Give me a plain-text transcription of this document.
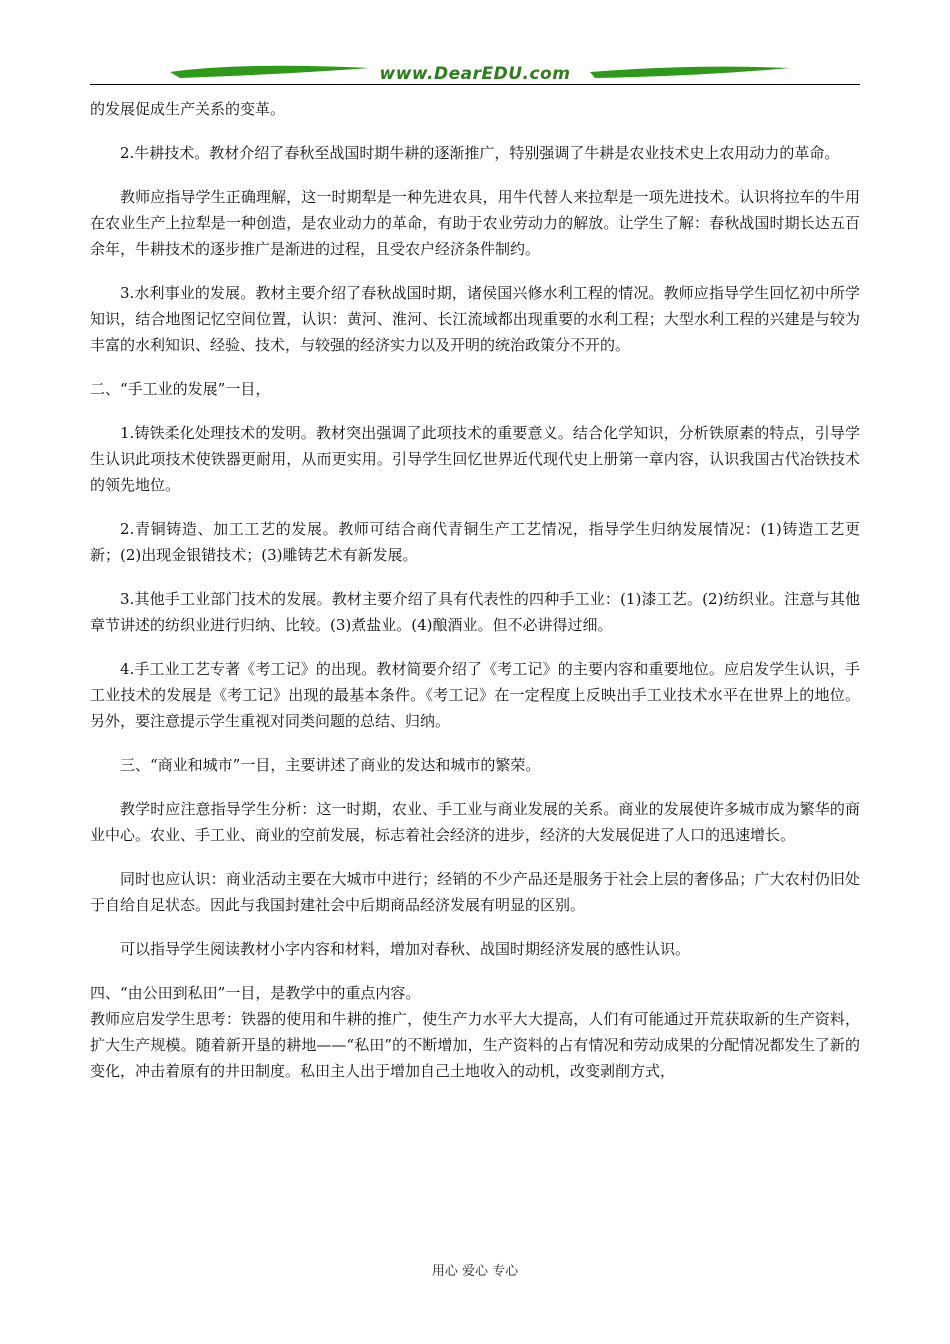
www.DearEDU.com

的发展促成生产关系的变革。

2.牛耕技术。教材介绍了春秋至战国时期牛耕的逐渐推广，特别强调了牛耕是农业技术史上农用动力的革命。

教师应指导学生正确理解，这一时期犁是一种先进农具，用牛代替人来拉犁是一项先进技术。认识将拉车的牛用在农业生产上拉犁是一种创造，是农业动力的革命，有助于农业劳动力的解放。让学生了解：春秋战国时期长达五百余年，牛耕技术的逐步推广是渐进的过程，且受农户经济条件制约。

3.水利事业的发展。教材主要介绍了春秋战国时期，诸侯国兴修水利工程的情况。教师应指导学生回忆初中所学知识，结合地图记忆空间位置，认识：黄河、淮河、长江流域都出现重要的水利工程；大型水利工程的兴建是与较为丰富的水利知识、经验、技术，与较强的经济实力以及开明的统治政策分不开的。

二、“手工业的发展”一目，

1.铸铁柔化处理技术的发明。教材突出强调了此项技术的重要意义。结合化学知识，分析铁原素的特点，引导学生认识此项技术使铁器更耐用，从而更实用。引导学生回忆世界近代现代史上册第一章内容，认识我国古代冶铁技术的领先地位。

2.青铜铸造、加工工艺的发展。教师可结合商代青铜生产工艺情况，指导学生归纳发展情况：(1)铸造工艺更新；(2)出现金银错技术；(3)雕铸艺术有新发展。

3.其他手工业部门技术的发展。教材主要介绍了具有代表性的四种手工业：(1)漆工艺。(2)纺织业。注意与其他章节讲述的纺织业进行归纳、比较。(3)煮盐业。(4)酿酒业。但不必讲得过细。

4.手工业工艺专著《考工记》的出现。教材简要介绍了《考工记》的主要内容和重要地位。应启发学生认识，手工业技术的发展是《考工记》出现的最基本条件。《考工记》在一定程度上反映出手工业技术水平在世界上的地位。另外，要注意提示学生重视对同类问题的总结、归纳。

三、“商业和城市”一目，主要讲述了商业的发达和城市的繁荣。

教学时应注意指导学生分析：这一时期，农业、手工业与商业发展的关系。商业的发展使许多城市成为繁华的商业中心。农业、手工业、商业的空前发展，标志着社会经济的进步，经济的大发展促进了人口的迅速增长。

同时也应认识：商业活动主要在大城市中进行；经销的不少产品还是服务于社会上层的奢侈品；广大农村仍旧处于自给自足状态。因此与我国封建社会中后期商品经济发展有明显的区别。

可以指导学生阅读教材小字内容和材料，增加对春秋、战国时期经济发展的感性认识。

四、“由公田到私田”一目，是教学中的重点内容。

教师应启发学生思考：铁器的使用和牛耕的推广，使生产力水平大大提高，人们有可能通过开荒获取新的生产资料，扩大生产规模。随着新开垦的耕地——“私田”的不断增加，生产资料的占有情况和劳动成果的分配情况都发生了新的变化，冲击着原有的井田制度。私田主人出于增加自己土地收入的动机，改变剥削方式，

用心 爱心 专心
